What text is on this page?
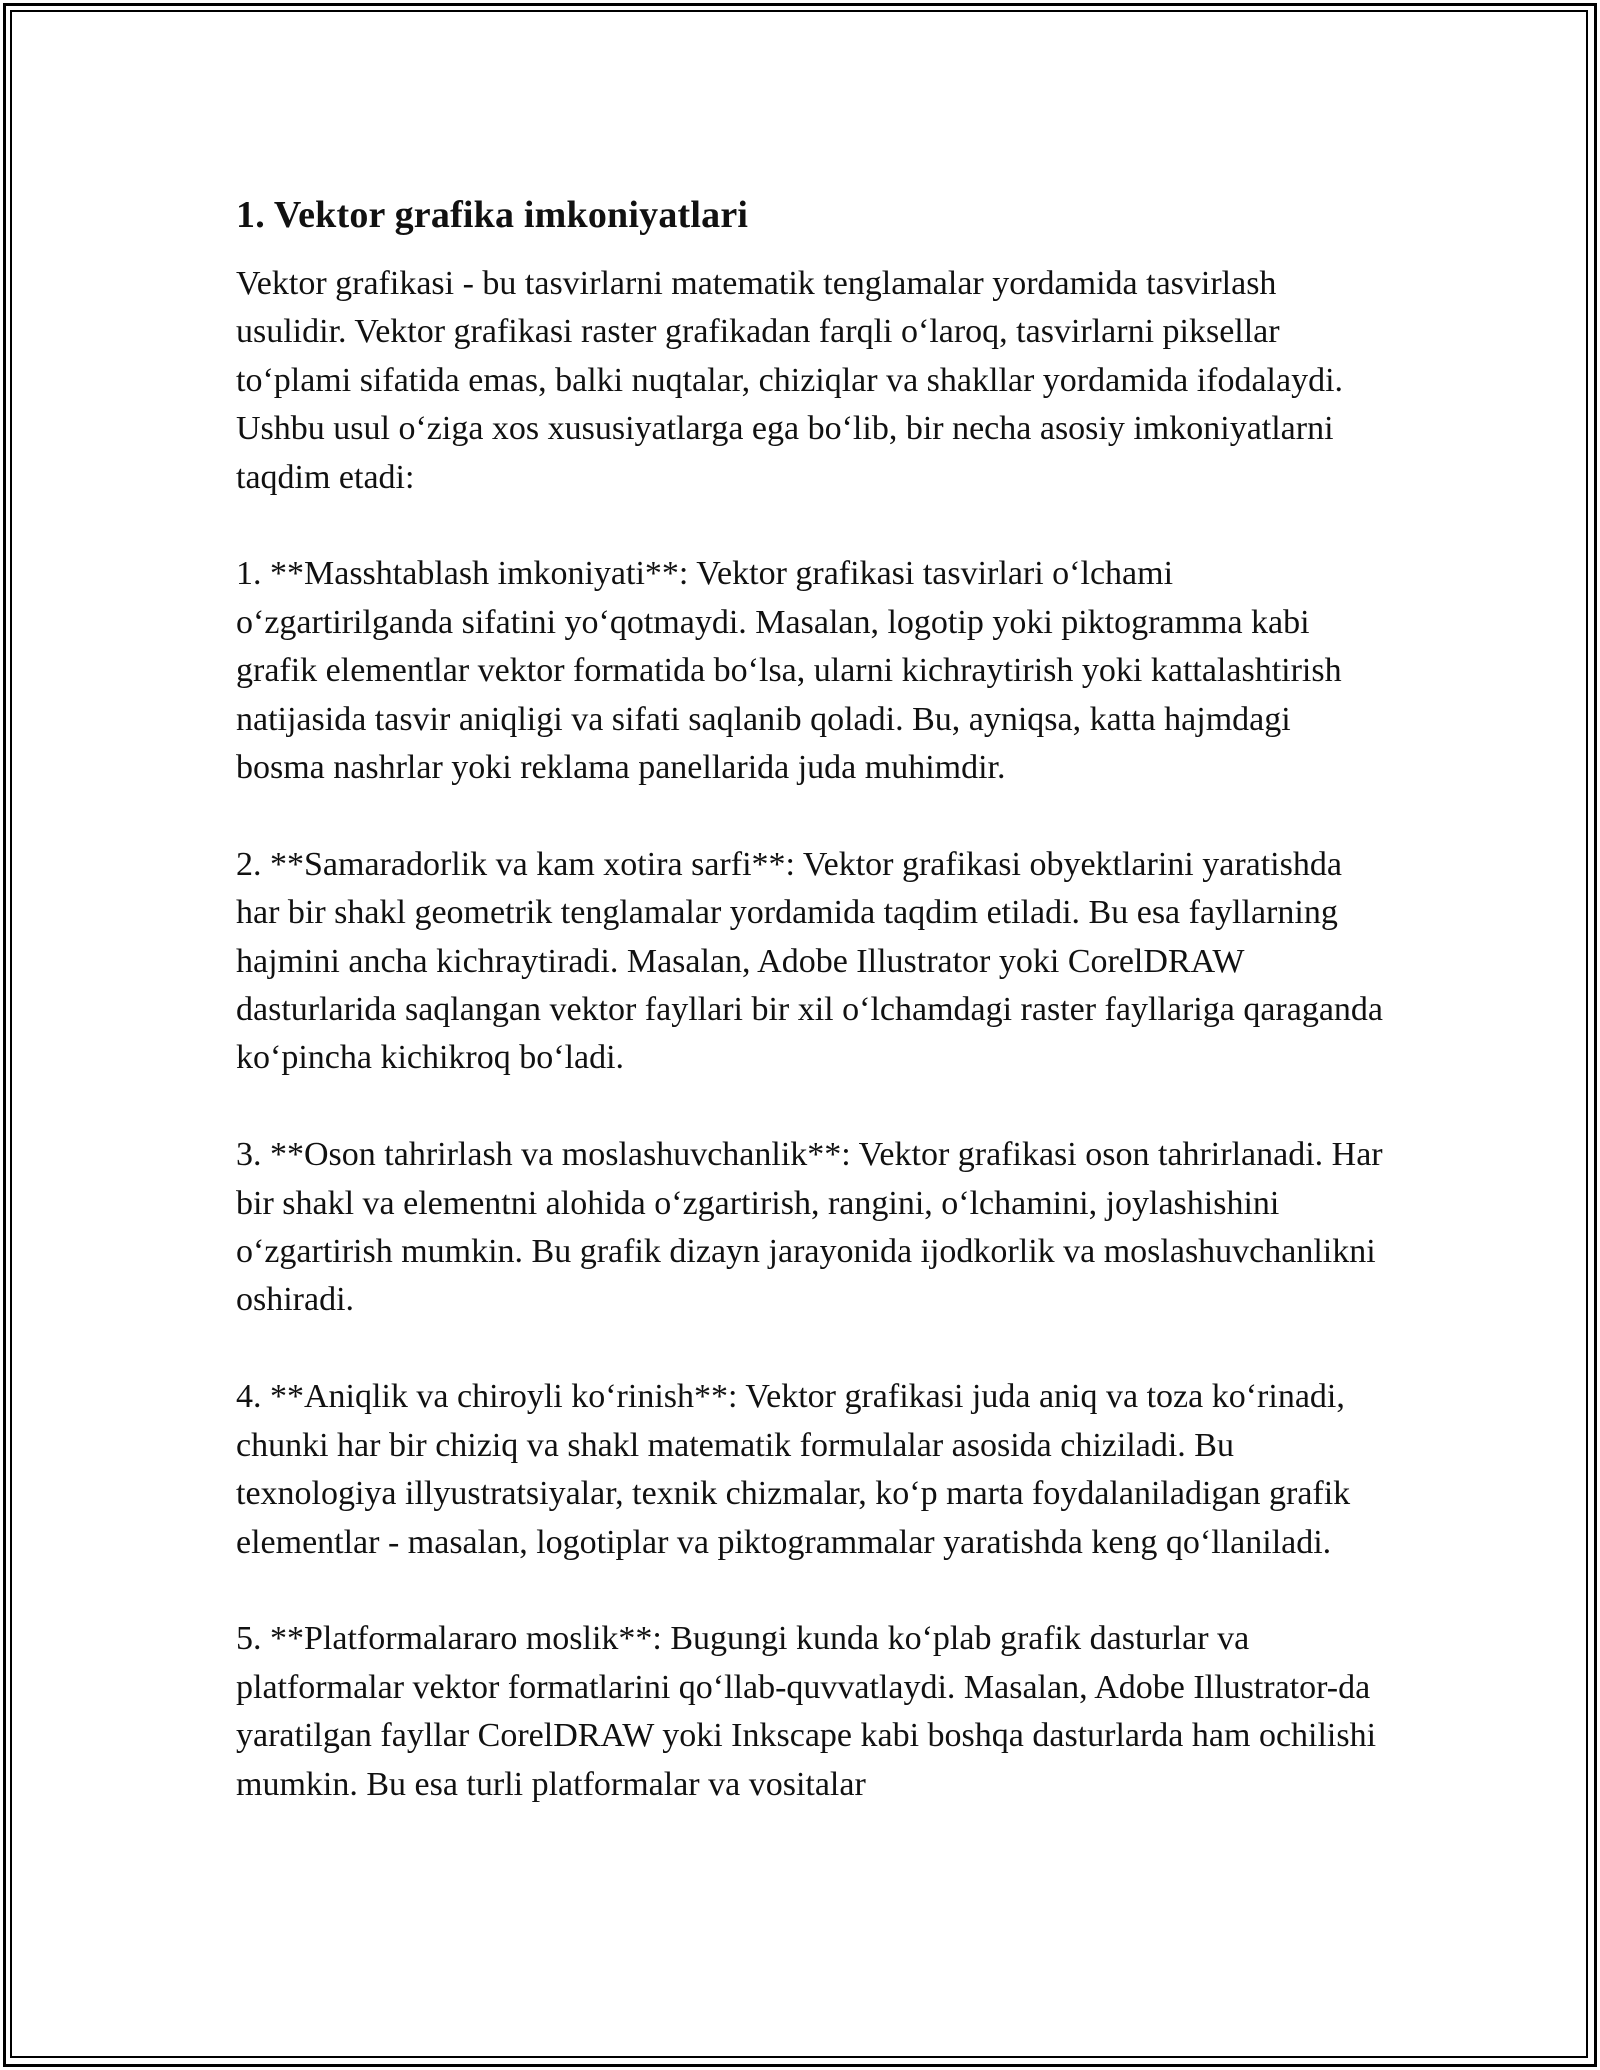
1. Vektor grafika imkoniyatlari

Vektor grafikasi - bu tasvirlarni matematik tenglamalar yordamida tasvirlash usulidir. Vektor grafikasi raster grafikadan farqli o‘laroq, tasvirlarni piksellar to‘plami sifatida emas, balki nuqtalar, chiziqlar va shakllar yordamida ifodalaydi. Ushbu usul o‘ziga xos xususiyatlarga ega bo‘lib, bir necha asosiy imkoniyatlarni taqdim etadi:

1. **Masshtablash imkoniyati**: Vektor grafikasi tasvirlari o‘lchami o‘zgartirilganda sifatini yo‘qotmaydi. Masalan, logotip yoki piktogramma kabi grafik elementlar vektor formatida bo‘lsa, ularni kichraytirish yoki kattalashtirish natijasida tasvir aniqligi va sifati saqlanib qoladi. Bu, ayniqsa, katta hajmdagi bosma nashrlar yoki reklama panellarida juda muhimdir.

2. **Samaradorlik va kam xotira sarfi**: Vektor grafikasi obyektlarini yaratishda har bir shakl geometrik tenglamalar yordamida taqdim etiladi. Bu esa fayllarning hajmini ancha kichraytiradi. Masalan, Adobe Illustrator yoki CorelDRAW dasturlarida saqlangan vektor fayllari bir xil o‘lchamdagi raster fayllariga qaraganda ko‘pincha kichikroq bo‘ladi.

3. **Oson tahrirlash va moslashuvchanlik**: Vektor grafikasi oson tahrirlanadi. Har bir shakl va elementni alohida o‘zgartirish, rangini, o‘lchamini, joylashishini o‘zgartirish mumkin. Bu grafik dizayn jarayonida ijodkorlik va moslashuvchanlikni oshiradi.

4. **Aniqlik va chiroyli ko‘rinish**: Vektor grafikasi juda aniq va toza ko‘rinadi, chunki har bir chiziq va shakl matematik formulalar asosida chiziladi. Bu texnologiya illyustratsiyalar, texnik chizmalar, ko‘p marta foydalaniladigan grafik elementlar - masalan, logotiplar va piktogrammalar yaratishda keng qo‘llaniladi.

5. **Platformalararo moslik**: Bugungi kunda ko‘plab grafik dasturlar va platformalar vektor formatlarini qo‘llab-quvvatlaydi. Masalan, Adobe Illustrator-da yaratilgan fayllar CorelDRAW yoki Inkscape kabi boshqa dasturlarda ham ochilishi mumkin. Bu esa turli platformalar va vositalar
